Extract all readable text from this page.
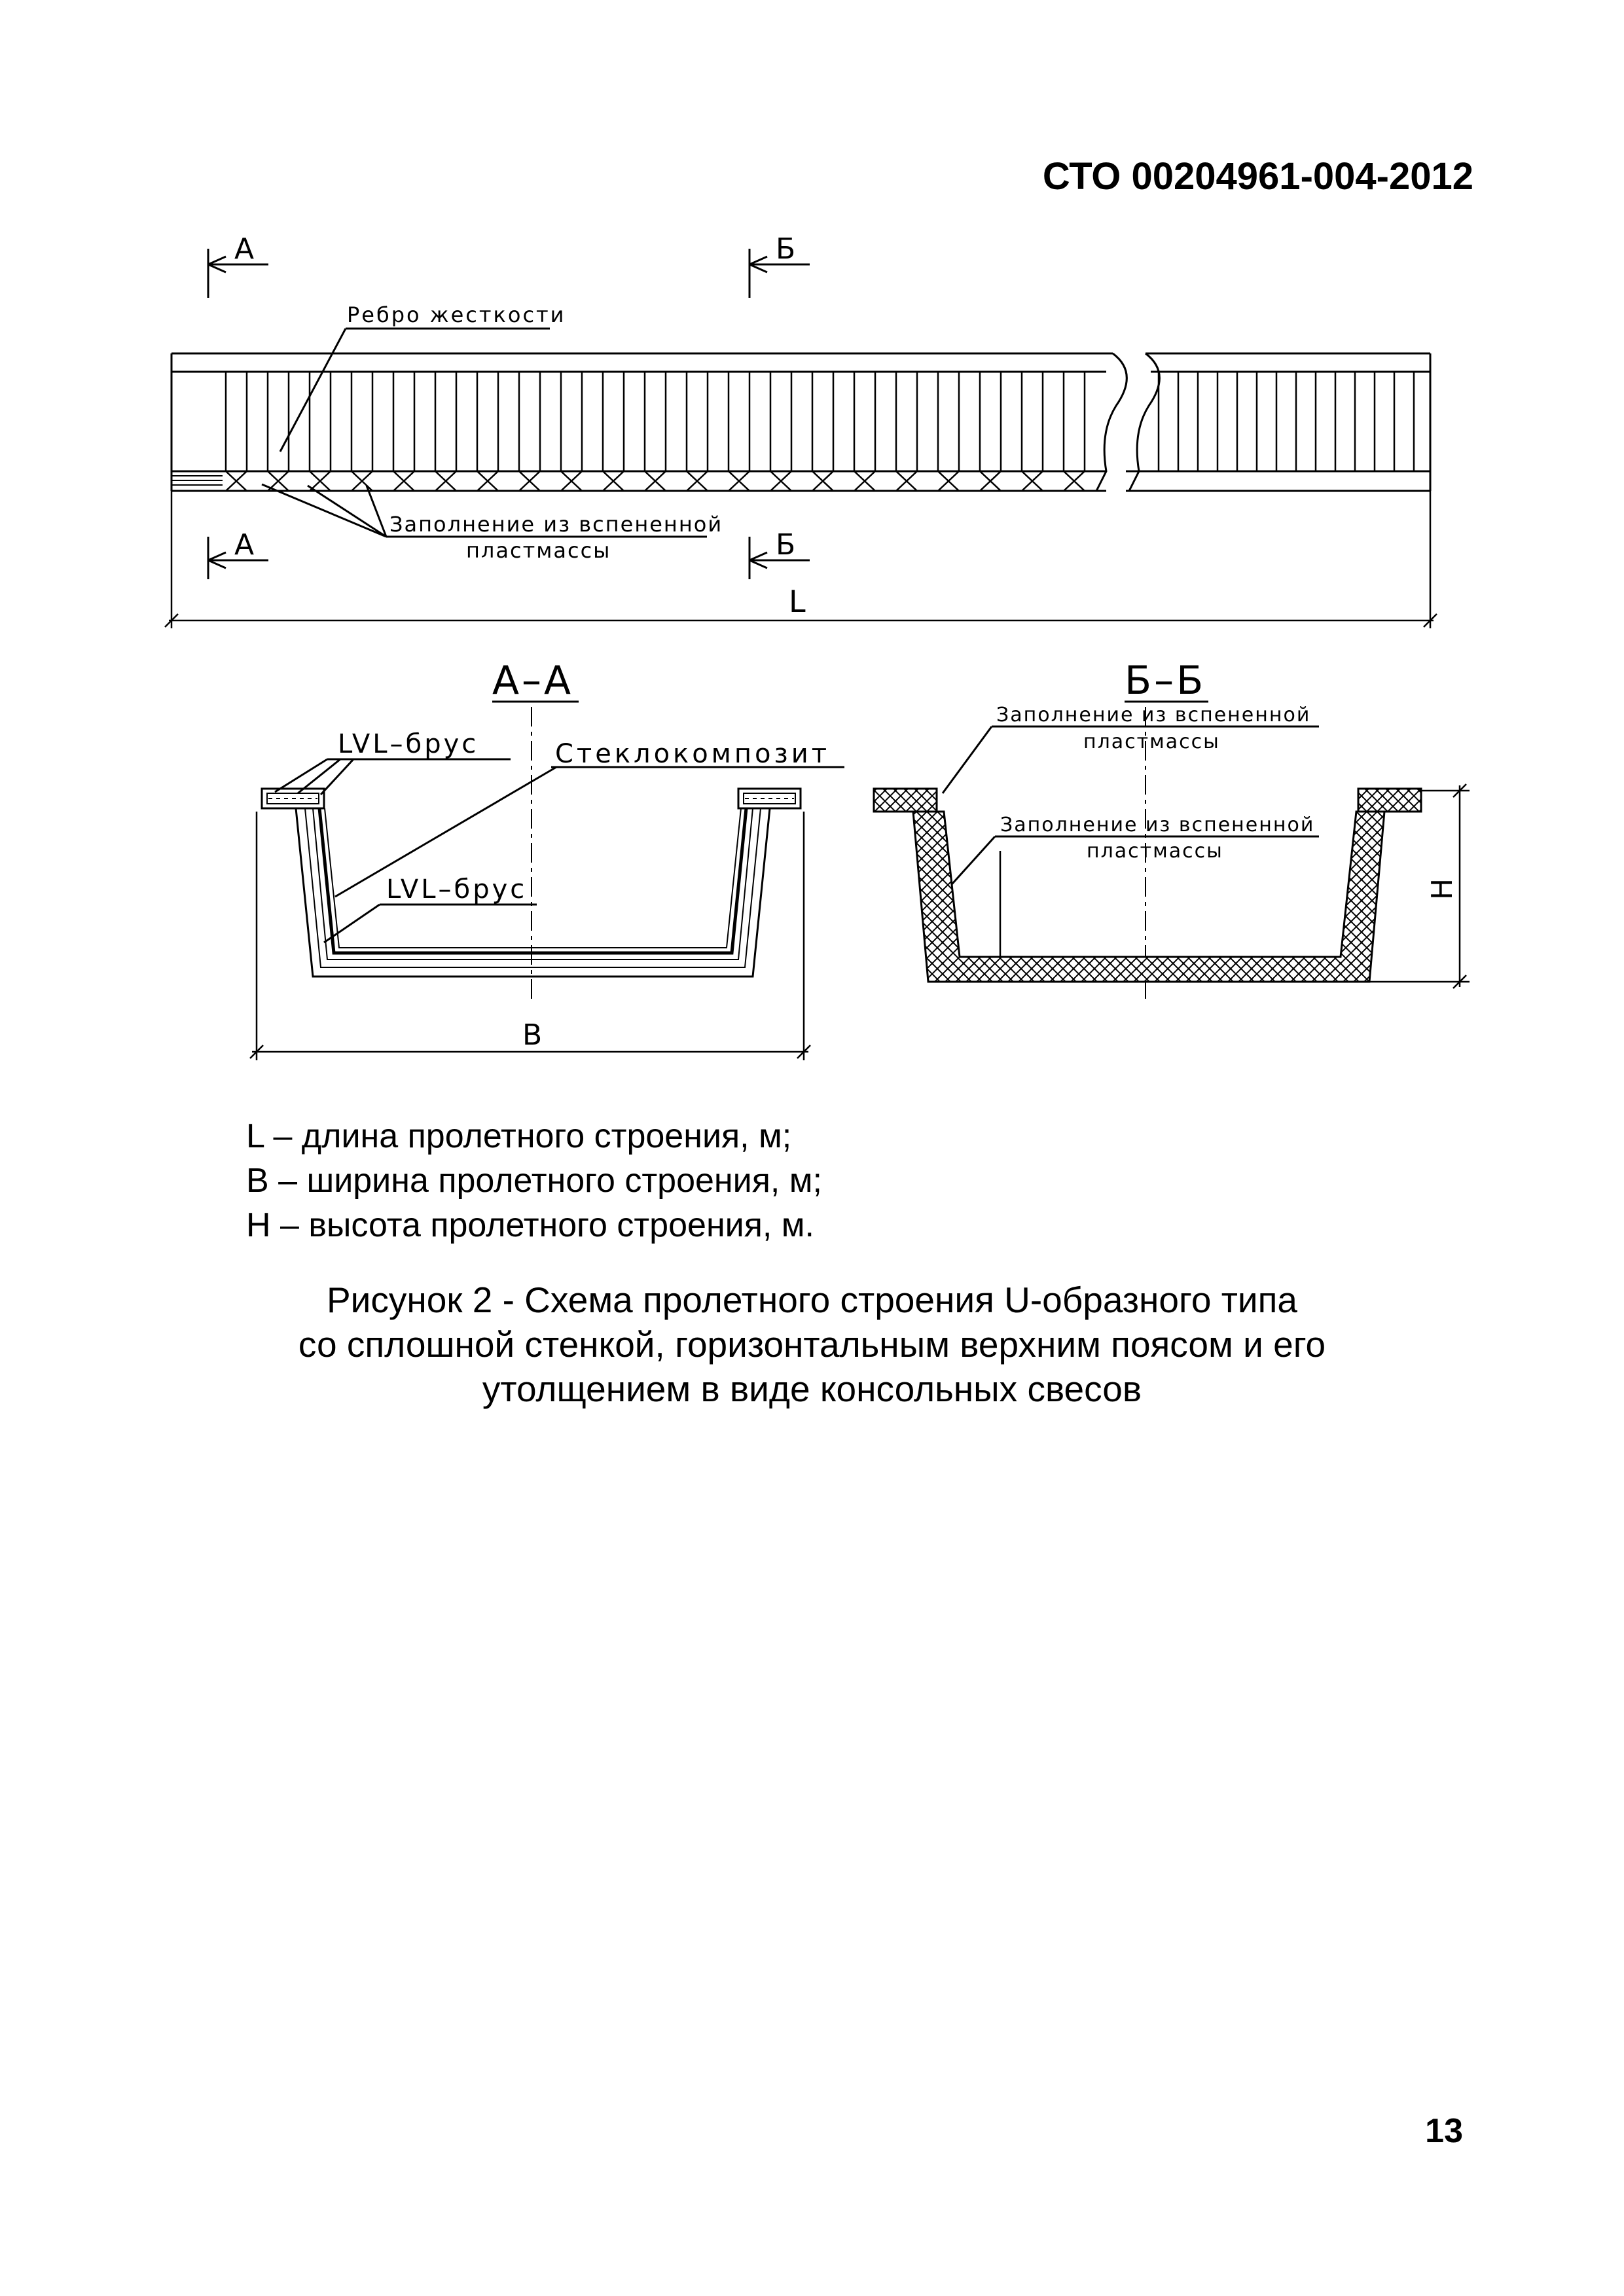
СТО 00204961-004-2012
А	Б
Ребро жесткости
Заполнение из вспененной
пластмассы
А	Б
L
А–А
LVL–брус	Стеклокомпозит
LVL–брус
B
Б–Б
Заполнение из вспененной
пластмассы
Заполнение из вспененной
пластмассы
H
L – длина пролетного строения, м;
B – ширина пролетного строения, м;
H – высота пролетного строения, м.
Рисунок 2 - Схема пролетного строения U-образного типа
со сплошной стенкой, горизонтальным верхним поясом и его
утолщением в виде консольных свесов
13
